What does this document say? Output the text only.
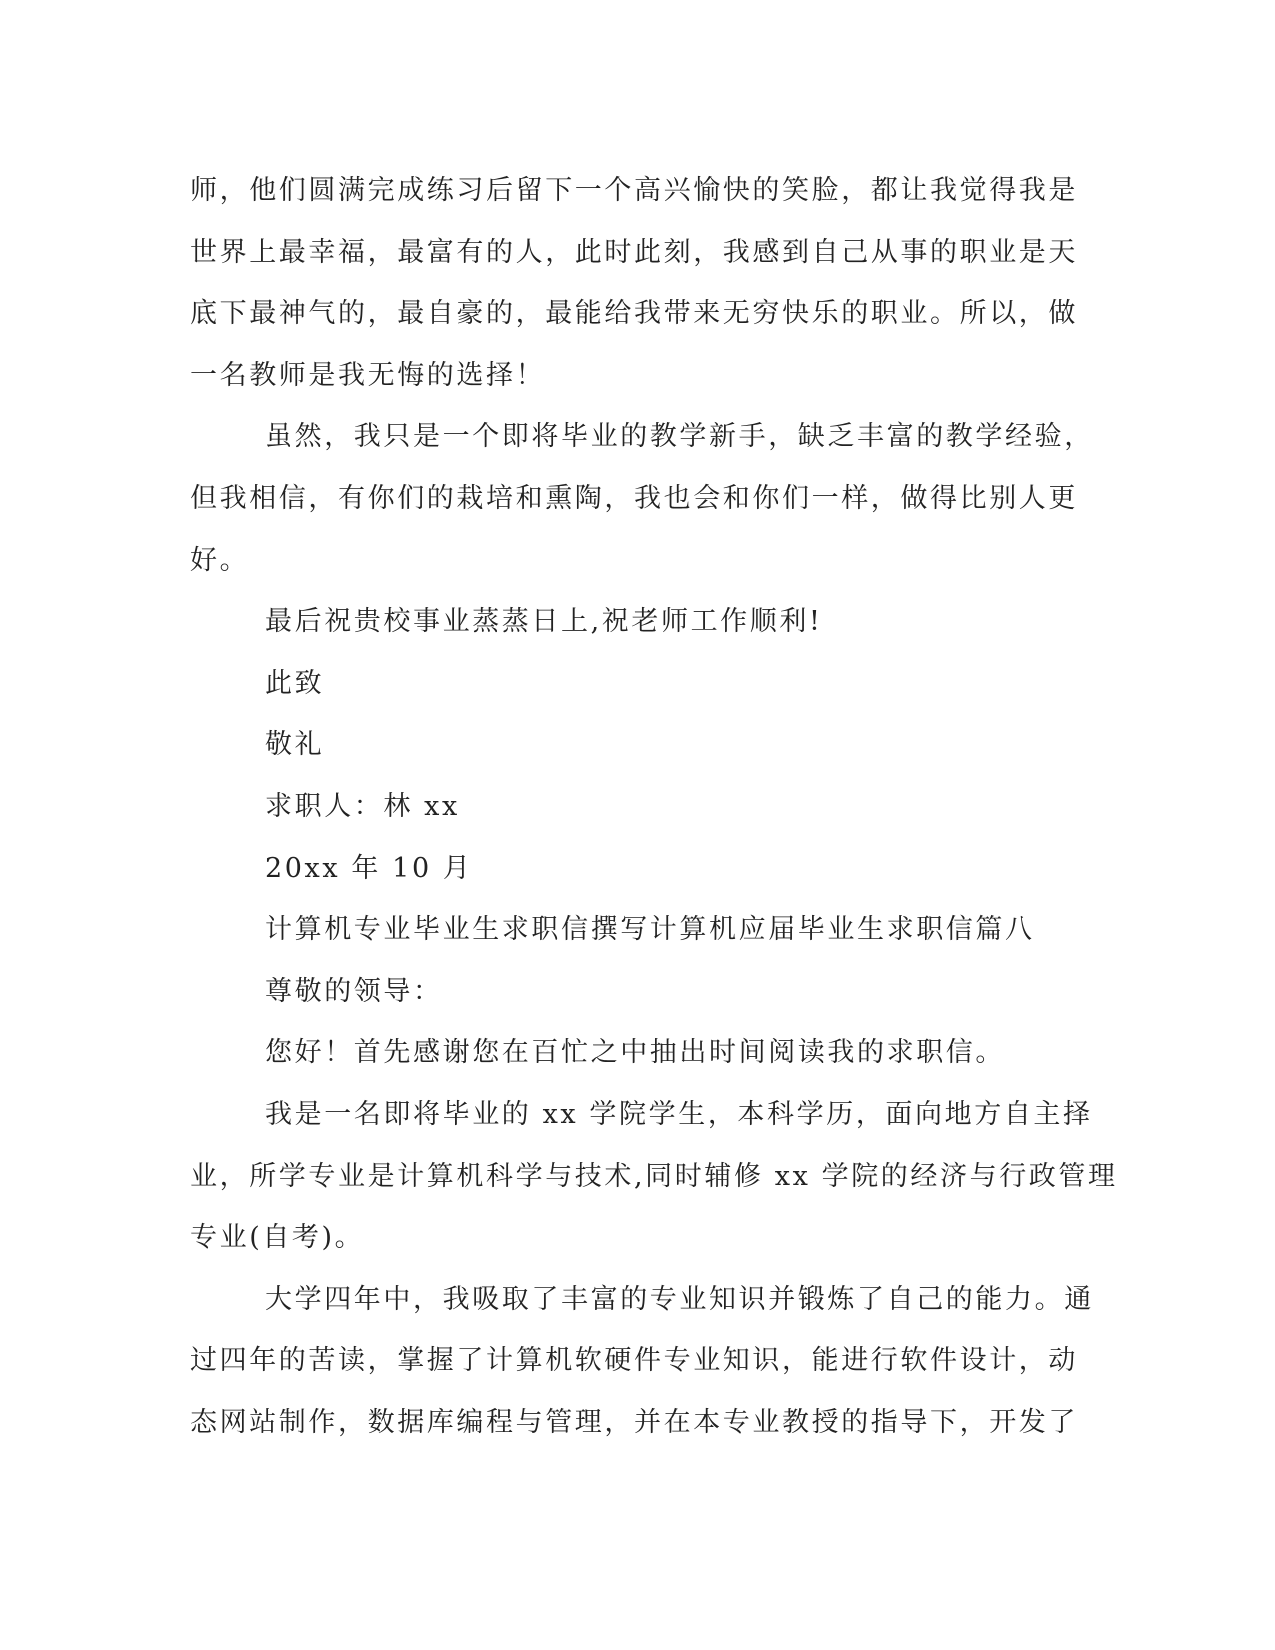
师，他们圆满完成练习后留下一个高兴愉快的笑脸，都让我觉得我是
世界上最幸福，最富有的人，此时此刻，我感到自己从事的职业是天
底下最神气的，最自豪的，最能给我带来无穷快乐的职业。所以，做
一名教师是我无悔的选择！
虽然，我只是一个即将毕业的教学新手，缺乏丰富的教学经验，
但我相信，有你们的栽培和熏陶，我也会和你们一样，做得比别人更
好。
最后祝贵校事业蒸蒸日上,祝老师工作顺利!
此致
敬礼
求职人：林 xx
20xx 年 10 月
计算机专业毕业生求职信撰写计算机应届毕业生求职信篇八
尊敬的领导：
您好！首先感谢您在百忙之中抽出时间阅读我的求职信。
我是一名即将毕业的 xx 学院学生，本科学历，面向地方自主择
业，所学专业是计算机科学与技术,同时辅修 xx 学院的经济与行政管理
专业(自考)。
大学四年中，我吸取了丰富的专业知识并锻炼了自己的能力。通
过四年的苦读，掌握了计算机软硬件专业知识，能进行软件设计，动
态网站制作，数据库编程与管理，并在本专业教授的指导下，开发了
